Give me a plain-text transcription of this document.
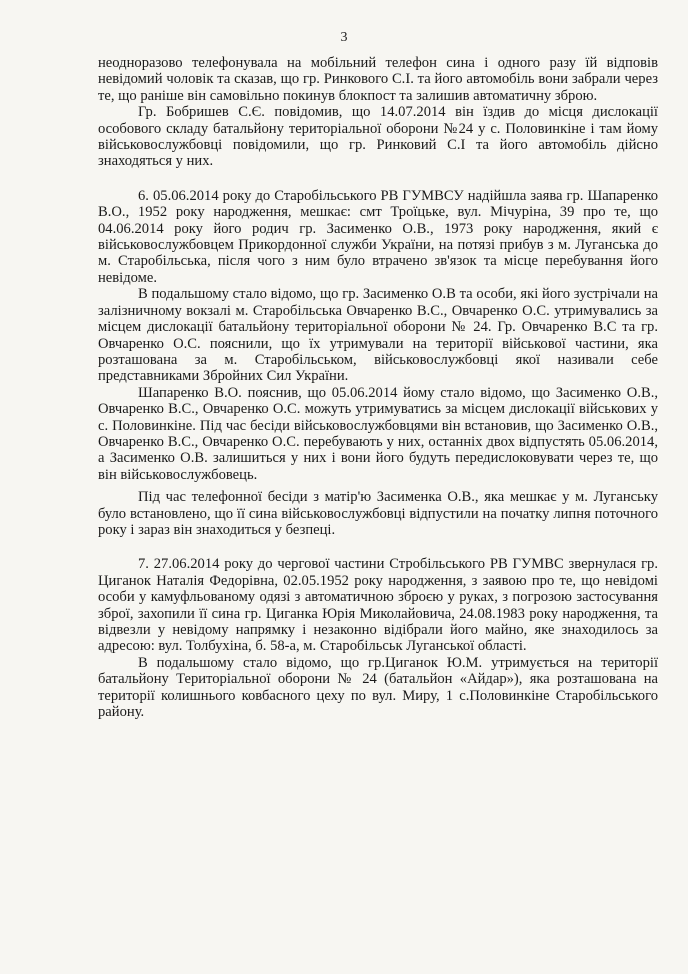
3

неодноразово телефонувала на мобільний телефон сина і одного разу їй відповів невідомий чоловік та сказав, що гр. Ринкового С.І. та його автомобіль вони забрали через те, що раніше він самовільно покинув блокпост та залишив автоматичну зброю.

Гр. Бобришев С.Є. повідомив, що 14.07.2014 він їздив до місця дислокації особового складу батальйону територіальної оборони №24 у с. Половинкіне і там йому військовослужбовці повідомили, що гр. Ринковий С.І та його автомобіль дійсно знаходяться у них.

6. 05.06.2014 року до Старобільського РВ ГУМВСУ надійшла заява гр. Шапаренко В.О., 1952 року народження, мешкає: смт Троїцьке, вул. Мічуріна, 39 про те, що 04.06.2014 року його родич гр. Засименко О.В., 1973 року народження, який є військовослужбовцем Прикордонної служби України, на потязі прибув з м. Луганська до м. Старобільська, після чого з ним було втрачено зв'язок та місце перебування його невідоме.

В подальшому стало відомо, що гр. Засименко О.В та особи, які його зустрічали на залізничному вокзалі м. Старобільська Овчаренко В.С., Овчаренко О.С. утримувались за місцем дислокації батальйону територіальної оборони № 24. Гр. Овчаренко В.С та гр. Овчаренко О.С. пояснили, що їх утримували на території військової частини, яка розташована за м. Старобільськом, військовослужбовці якої називали себе представниками Збройних Сил України.

Шапаренко В.О. пояснив, що 05.06.2014 йому стало відомо, що Засименко О.В., Овчаренко В.С., Овчаренко О.С. можуть утримуватись за місцем дислокації військових у с. Половинкіне. Під час бесіди військовослужбовцями він встановив, що Засименко О.В., Овчаренко В.С., Овчаренко О.С. перебувають у них, останніх двох відпустять 05.06.2014, а Засименко О.В. залишиться у них і вони його будуть передислоковувати через те, що він військовослужбовець.

Під час телефонної бесіди з матір'ю Засименка О.В., яка мешкає у м. Луганську було встановлено, що її сина військовослужбовці відпустили на початку липня поточного року і зараз він знаходиться у безпеці.

7. 27.06.2014 року до чергової частини Стробільського РВ ГУМВС звернулася гр. Циганок Наталія Федорівна, 02.05.1952 року народження, з заявою про те, що невідомі особи у камуфльованому одязі з автоматичною зброєю у руках, з погрозою застосування зброї, захопили її сина гр. Циганка Юрія Миколайовича, 24.08.1983 року народження, та відвезли у невідому напрямку і незаконно відібрали його майно, яке знаходилось за адресою: вул. Толбухіна, б. 58-а, м. Старобільськ Луганської області.

В подальшому стало відомо, що гр.Циганок Ю.М. утримується на території батальйону Територіальної оборони № 24 (батальйон «Айдар»), яка розташована на території колишнього ковбасного цеху по вул. Миру, 1 с.Половинкіне Старобільського району.
